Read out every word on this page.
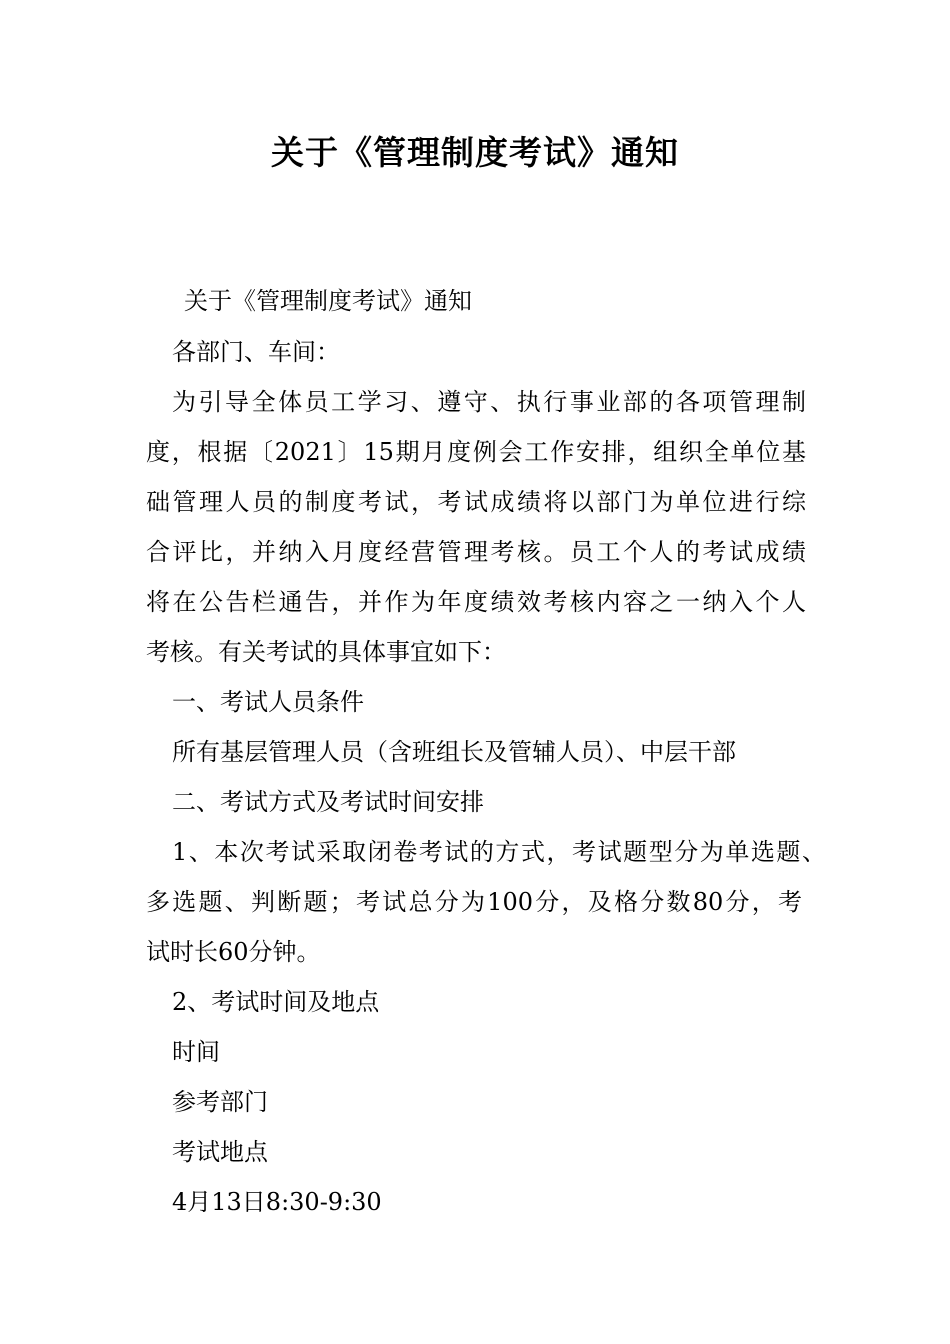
关于《管理制度考试》通知
关于《管理制度考试》通知
各部门、车间：
为引导全体员工学习、遵守、执行事业部的各项管理制
度，根据〔2021〕15期月度例会工作安排，组织全单位基
础管理人员的制度考试，考试成绩将以部门为单位进行综
合评比，并纳入月度经营管理考核。员工个人的考试成绩
将在公告栏通告，并作为年度绩效考核内容之一纳入个人
考核。有关考试的具体事宜如下：
一、考试人员条件
所有基层管理人员（含班组长及管辅人员）、中层干部
二、考试方式及考试时间安排
1、本次考试采取闭卷考试的方式，考试题型分为单选题、
多选题、判断题；考试总分为100分，及格分数80分，考
试时长60分钟。
2、考试时间及地点
时间
参考部门
考试地点
4月13日8:30-9:30
